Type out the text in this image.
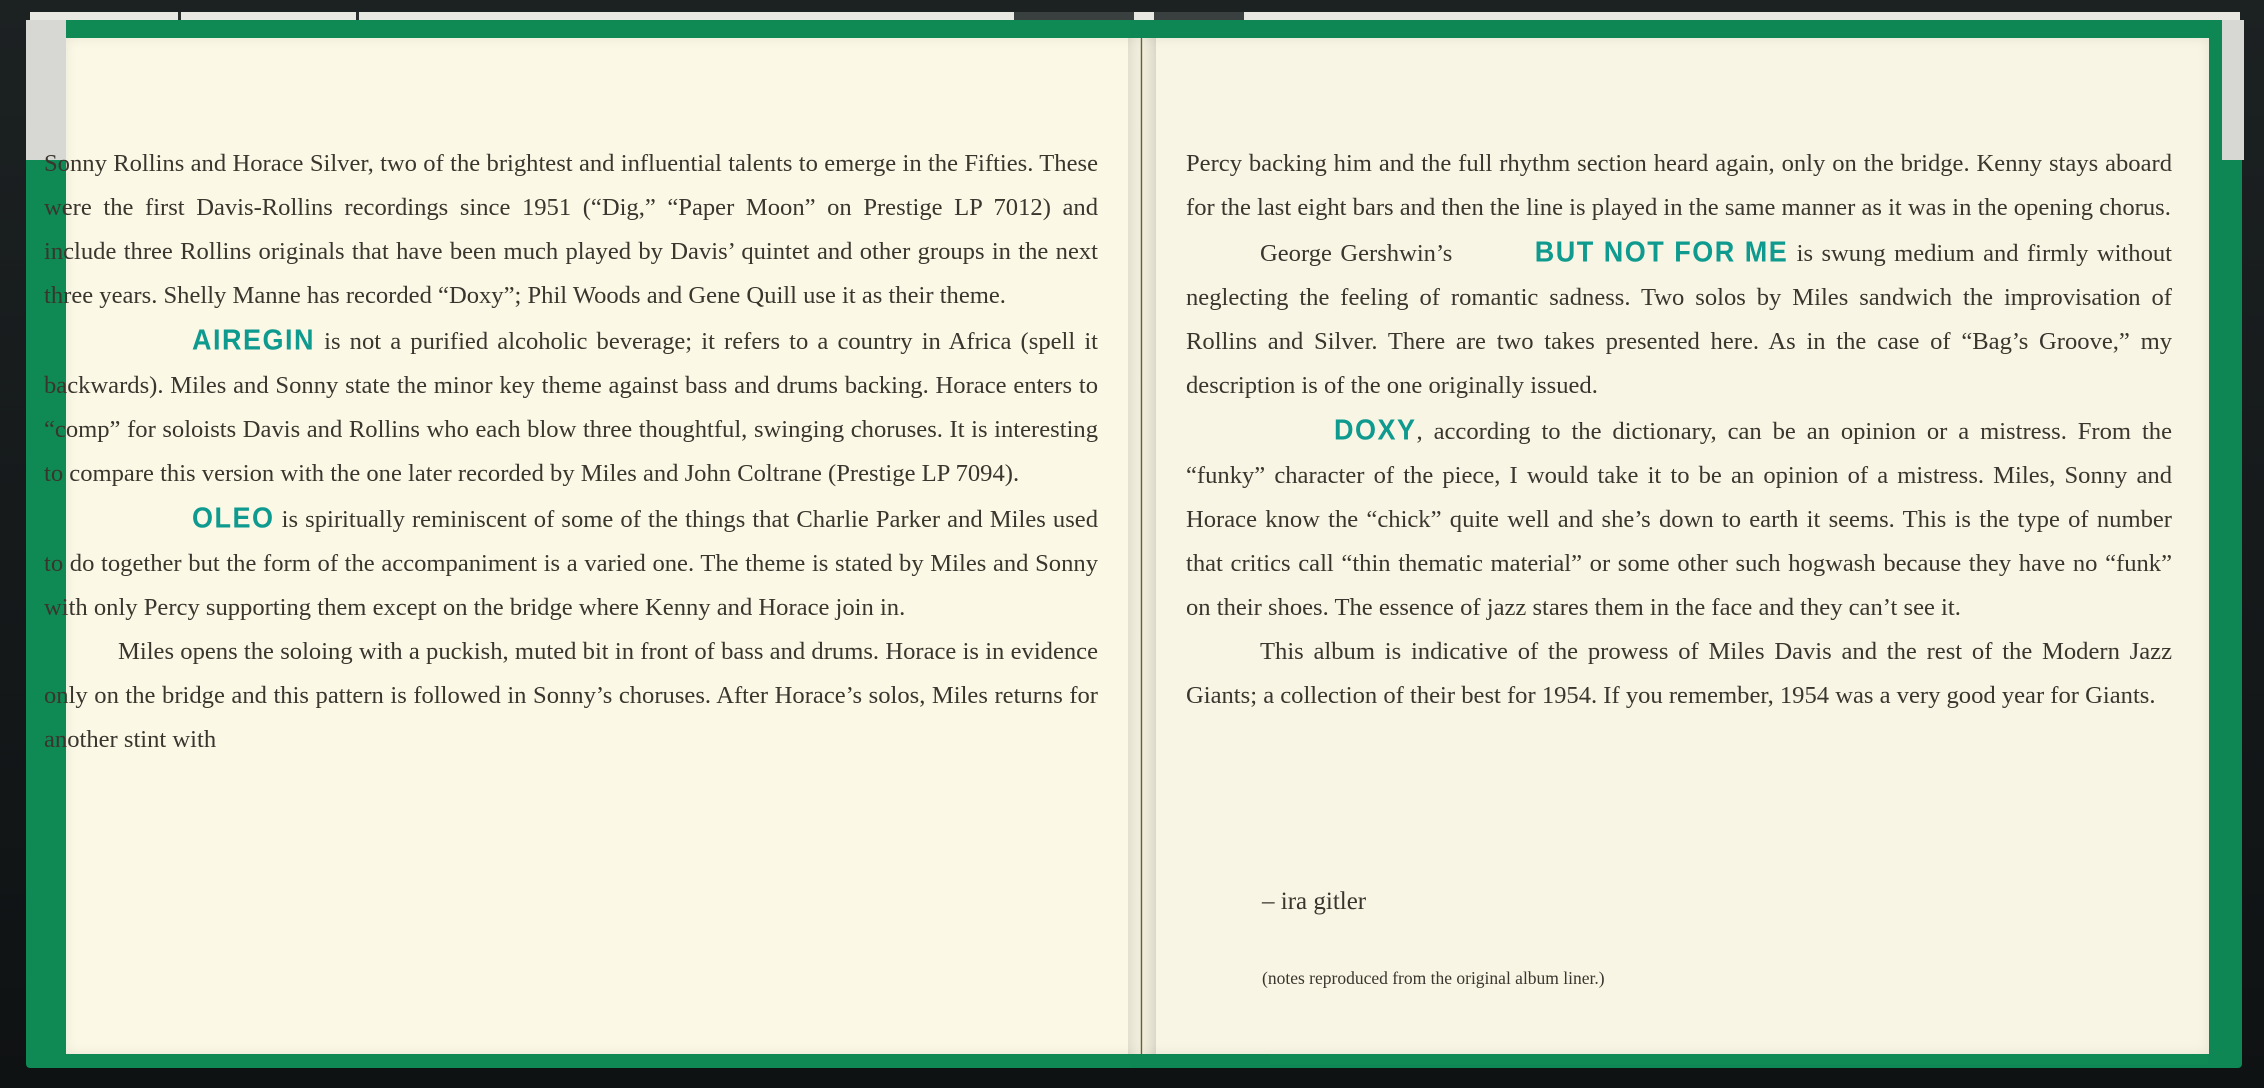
Sonny Rollins and Horace Silver, two of the brightest and influential talents to emerge in the Fifties. These were the first Davis-Rollins recordings since 1951 (“Dig,” “Paper Moon” on Prestige LP 7012) and include three Rollins originals that have been much played by Davis’ quintet and other groups in the next three years. Shelly Manne has recorded “Doxy”; Phil Woods and Gene Quill use it as their theme.

AIREGIN is not a purified alcoholic beverage; it refers to a country in Africa (spell it backwards). Miles and Sonny state the minor key theme against bass and drums backing. Horace enters to “comp” for soloists Davis and Rollins who each blow three thoughtful, swinging choruses. It is interesting to compare this version with the one later recorded by Miles and John Coltrane (Prestige LP 7094).

OLEO is spiritually reminiscent of some of the things that Charlie Parker and Miles used to do together but the form of the accompaniment is a varied one. The theme is stated by Miles and Sonny with only Percy supporting them except on the bridge where Kenny and Horace join in.

Miles opens the soloing with a puckish, muted bit in front of bass and drums. Horace is in evidence only on the bridge and this pattern is followed in Sonny’s choruses. After Horace’s solos, Miles returns for another stint with

Percy backing him and the full rhythm section heard again, only on the bridge. Kenny stays aboard for the last eight bars and then the line is played in the same manner as it was in the opening chorus.

George Gershwin’s	BUT NOT FOR ME is swung medium and firmly without neglecting the feeling of romantic sadness. Two solos by Miles sandwich the improvisation of Rollins and Silver. There are two takes presented here. As in the case of “Bag’s Groove,” my description is of the one originally issued.

DOXY, according to the dictionary, can be an opinion or a mistress. From the “funky” character of the piece, I would take it to be an opinion of a mistress. Miles, Sonny and Horace know the “chick” quite well and she’s down to earth it seems. This is the type of number that critics call “thin thematic material” or some other such hogwash because they have no “funk” on their shoes. The essence of jazz stares them in the face and they can’t see it.

This album is indicative of the prowess of Miles Davis and the rest of the Modern Jazz Giants; a collection of their best for 1954. If you remember, 1954 was a very good year for Giants.

– ira gitler
(notes reproduced from the original album liner.)
